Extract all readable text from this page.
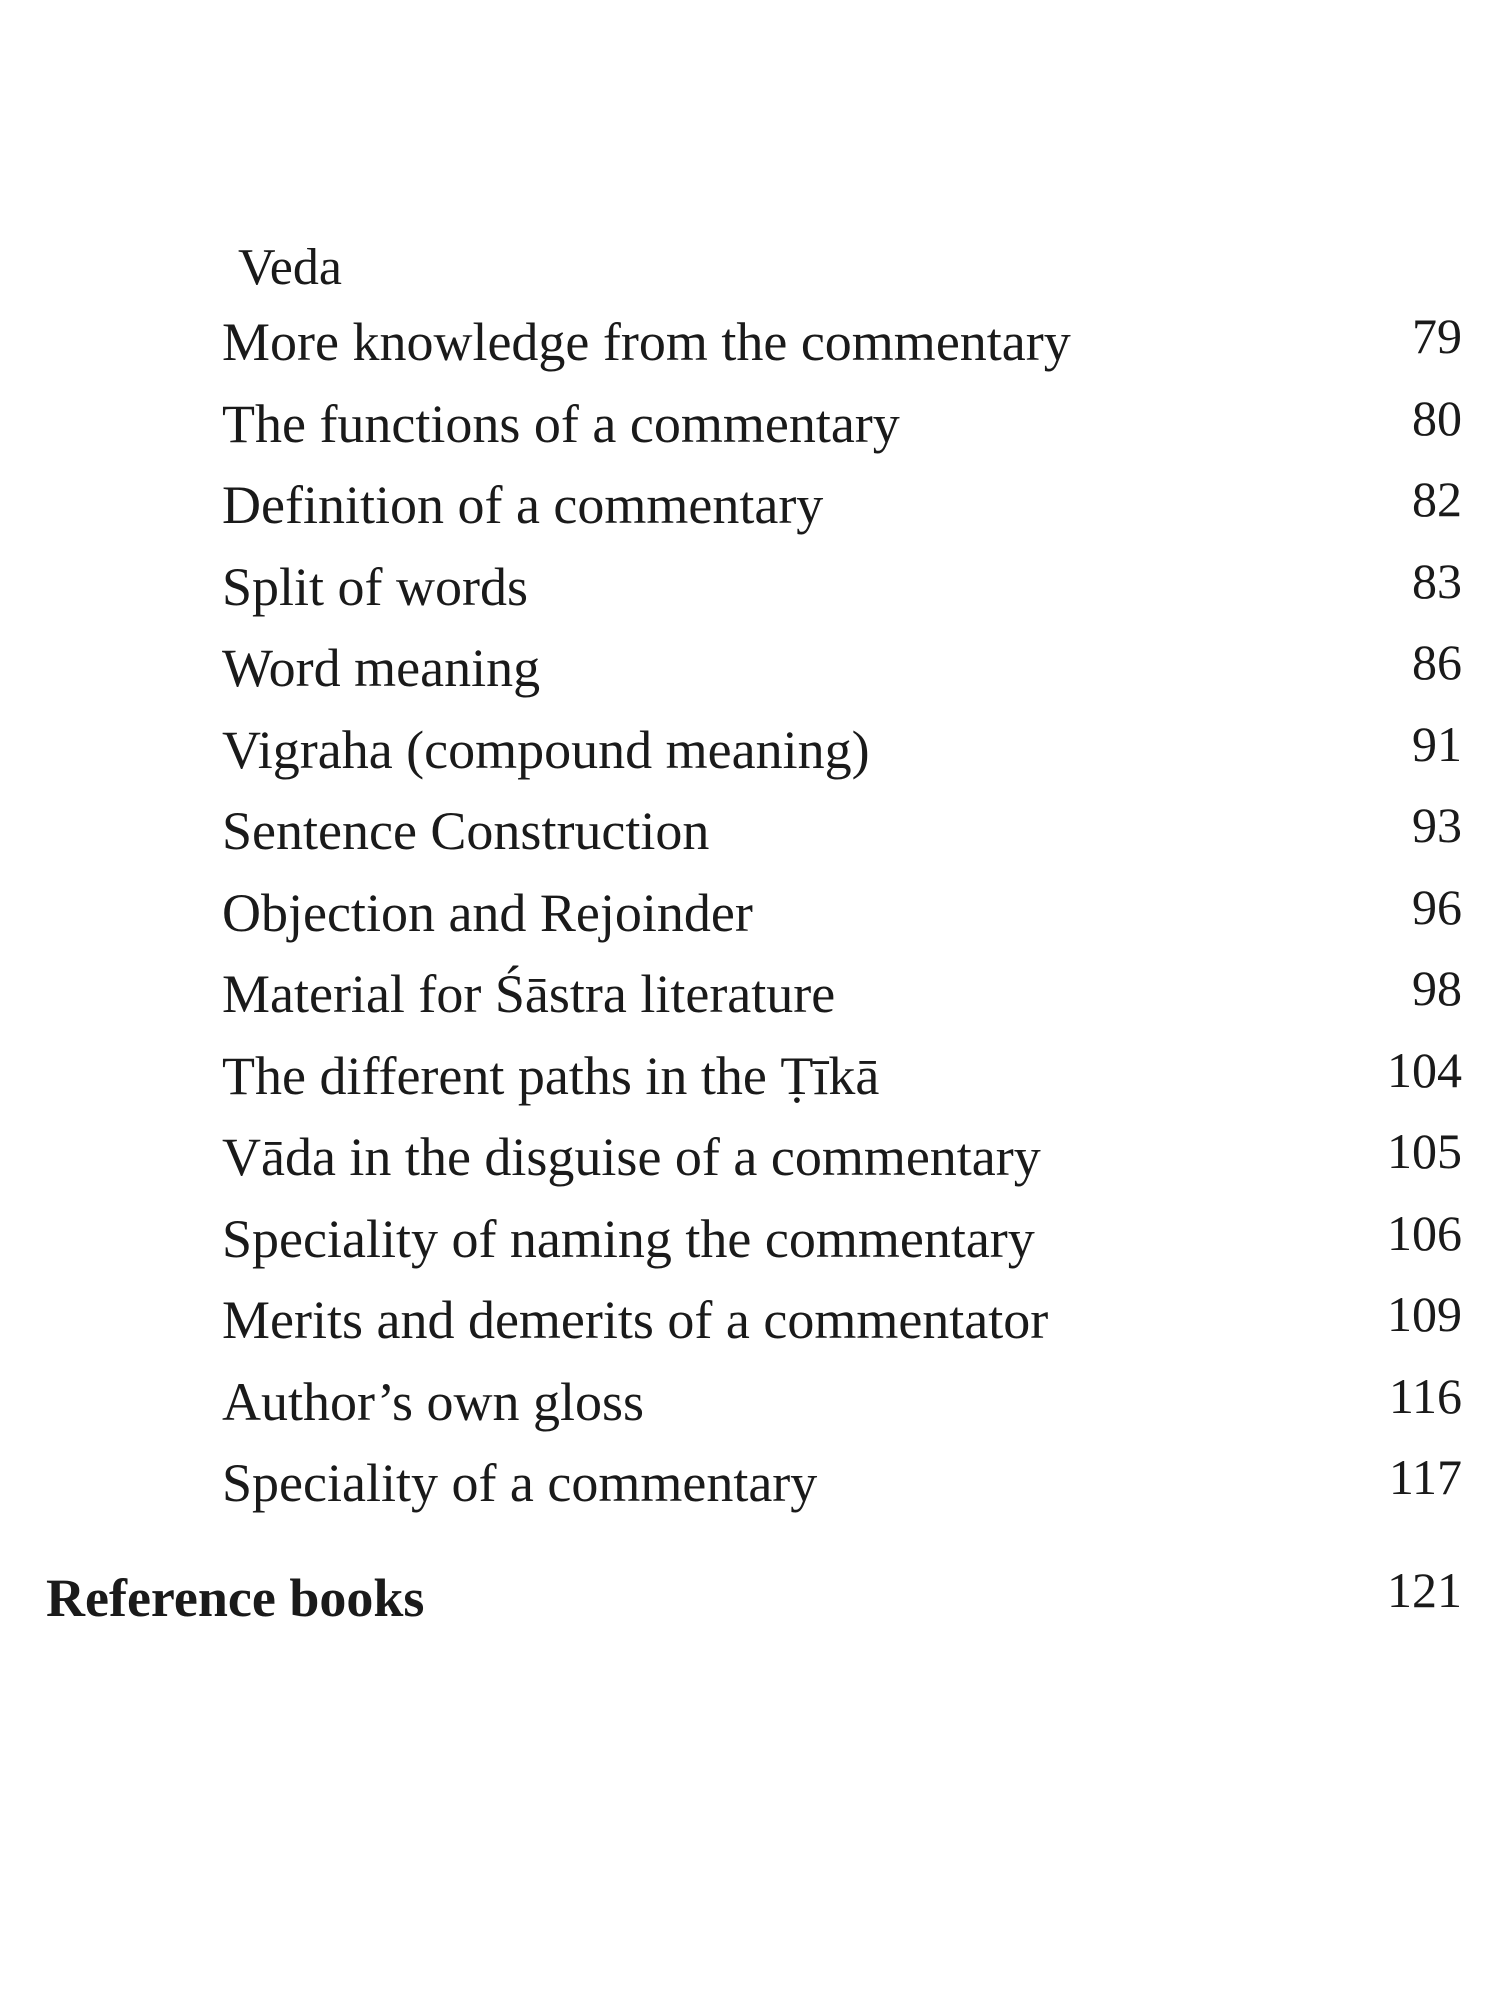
Veda
More knowledge from the commentary	79
The functions of a commentary	80
Definition of a commentary	82
Split of words	83
Word meaning	86
Vigraha (compound meaning)	91
Sentence Construction	93
Objection and Rejoinder	96
Material for Śāstra literature	98
The different paths in the Ṭīkā	104
Vāda in the disguise of a commentary	105
Speciality of naming the commentary	106
Merits and demerits of a commentator	109
Author’s own gloss	116
Speciality of a commentary	117
Reference books	121
